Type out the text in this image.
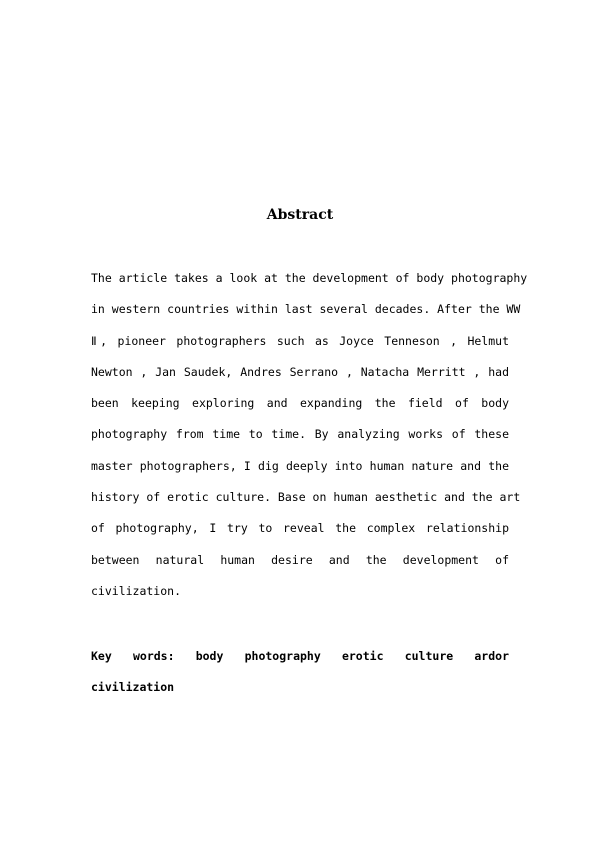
Abstract
The article takes a look at the development of body photography
in western countries within last several decades. After the WW
Ⅱ, pioneer photographers such as Joyce Tenneson , Helmut
Newton , Jan Saudek, Andres Serrano , Natacha Merritt , had
been keeping exploring and expanding the field of body
photography from time to time. By analyzing works of these
master photographers, I dig deeply into human nature and the
history of erotic culture. Base on human aesthetic and the art
of photography, I try to reveal the complex relationship
between natural human desire and the development of
civilization.
Key words: body photography erotic culture ardor
civilization
